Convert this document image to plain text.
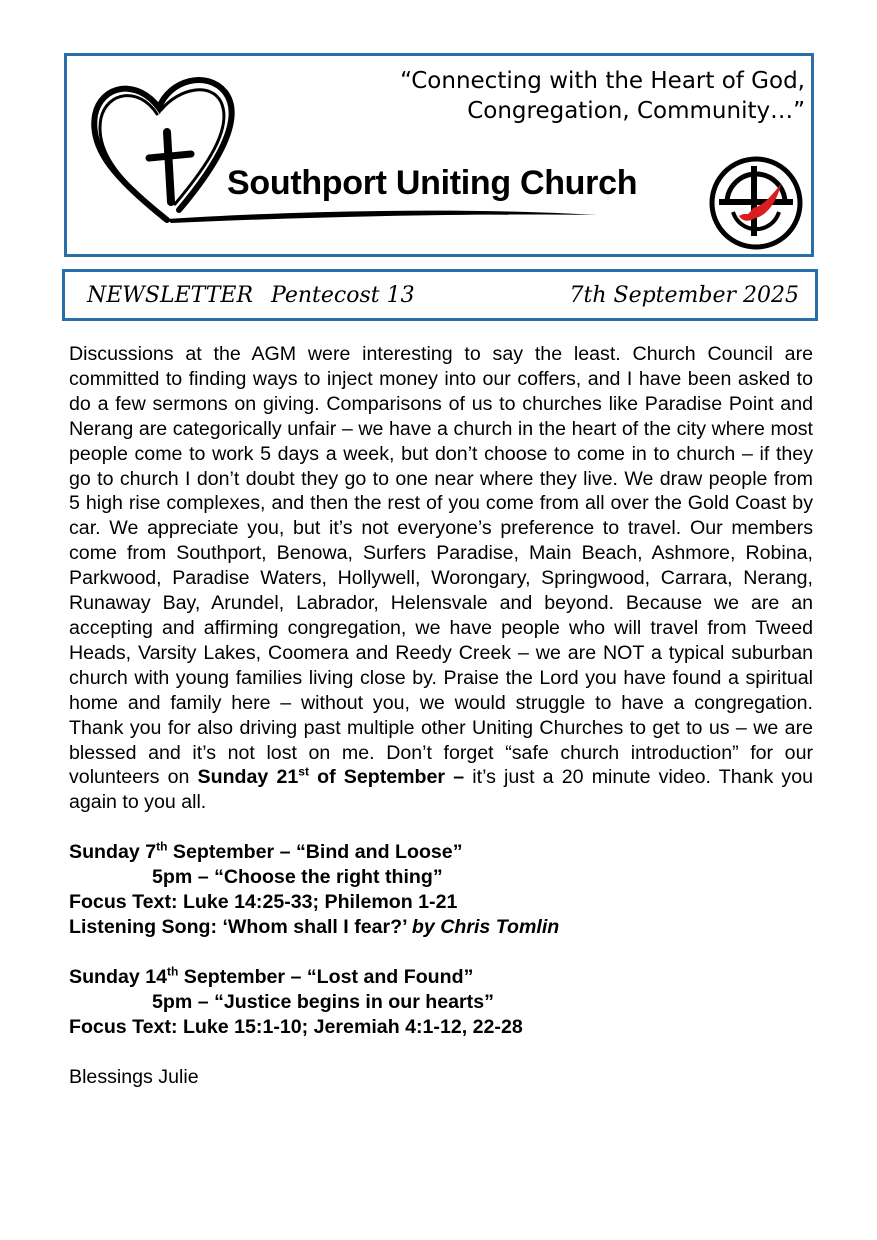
“Connecting with the Heart of God,
Congregation, Community…”
Southport Uniting Church
NEWSLETTER Pentecost 13	7th September 2025

Discussions at the AGM were interesting to say the least. Church Council are committed to finding ways to inject money into our coffers, and I have been asked to do a few sermons on giving. Comparisons of us to churches like Paradise Point and Nerang are categorically unfair – we have a church in the heart of the city where most people come to work 5 days a week, but don’t choose to come in to church – if they go to church I don’t doubt they go to one near where they live. We draw people from 5 high rise complexes, and then the rest of you come from all over the Gold Coast by car. We appreciate you, but it’s not everyone’s preference to travel. Our members come from Southport, Benowa, Surfers Paradise, Main Beach, Ashmore, Robina, Parkwood, Paradise Waters, Hollywell, Worongary, Springwood, Carrara, Nerang, Runaway Bay, Arundel, Labrador, Helensvale and beyond. Because we are an accepting and affirming congregation, we have people who will travel from Tweed Heads, Varsity Lakes, Coomera and Reedy Creek – we are NOT a typical suburban church with young families living close by. Praise the Lord you have found a spiritual home and family here – without you, we would struggle to have a congregation. Thank you for also driving past multiple other Uniting Churches to get to us – we are blessed and it’s not lost on me. Don’t forget “safe church introduction” for our volunteers on Sunday 21st of September – it’s just a 20 minute video. Thank you again to you all.

Sunday 7th September – “Bind and Loose”

5pm – “Choose the right thing”

Focus Text: Luke 14:25-33; Philemon 1-21

Listening Song: ‘Whom shall I fear?’ by Chris Tomlin

Sunday 14th September – “Lost and Found”

5pm – “Justice begins in our hearts”

Focus Text: Luke 15:1-10; Jeremiah 4:1-12, 22-28

Blessings Julie
